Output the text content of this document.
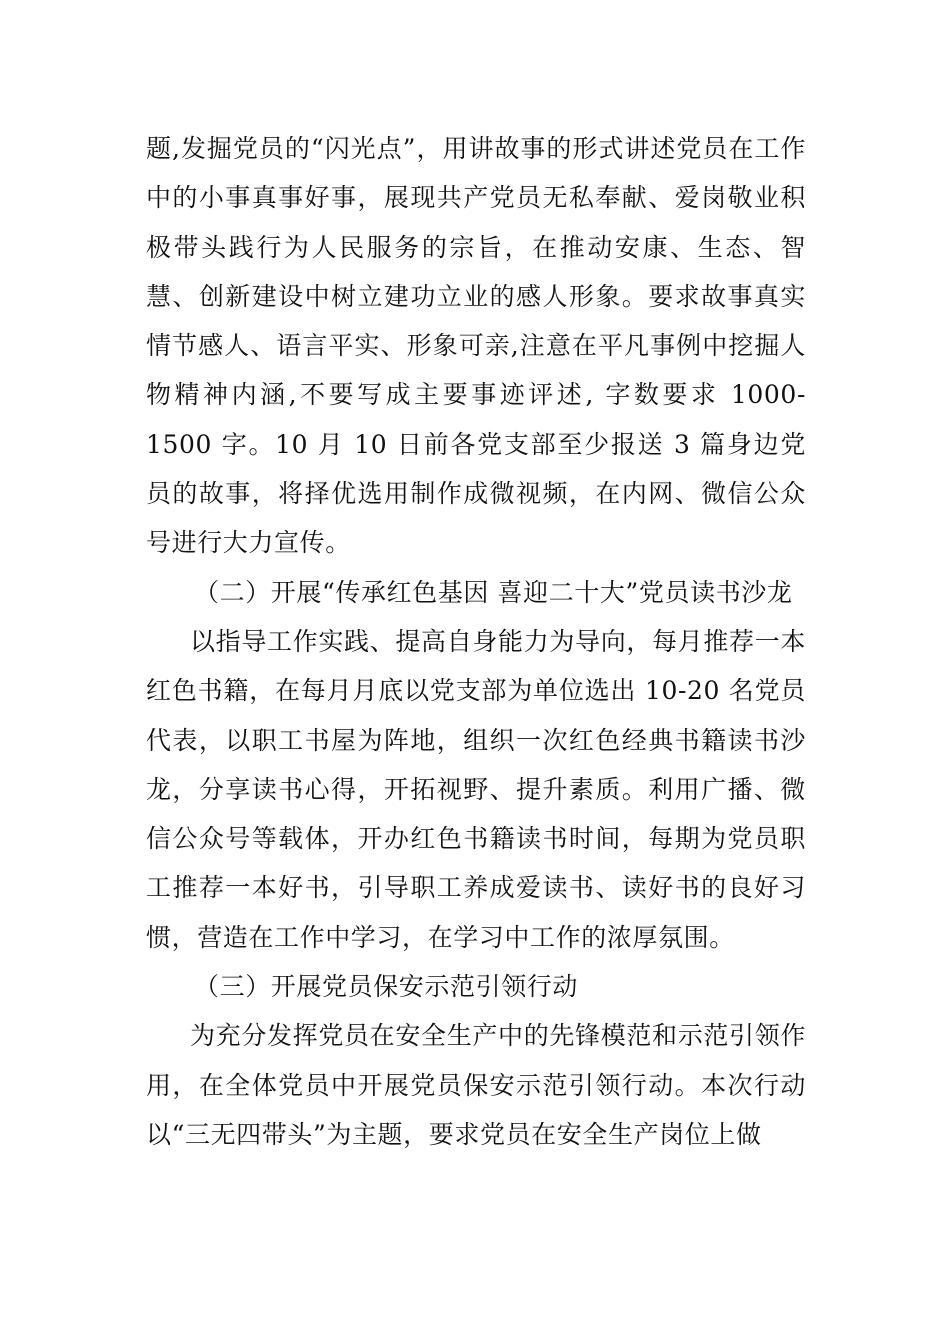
题,发掘党员的“闪光点”，用讲故事的形式讲述党员在工作中的小事真事好事，展现共产党员无私奉献、爱岗敬业积极带头践行为人民服务的宗旨，在推动安康、生态、智慧、创新建设中树立建功立业的感人形象。要求故事真实情节感人、语言平实、形象可亲,注意在平凡事例中挖掘人物精神内涵,不要写成主要事迹评述, 字数要求 1000-1500 字。10 月 10 日前各党支部至少报送 3 篇身边党员的故事，将择优选用制作成微视频，在内网、微信公众号进行大力宣传。

（二）开展“传承红色基因 喜迎二十大”党员读书沙龙

以指导工作实践、提高自身能力为导向，每月推荐一本红色书籍，在每月月底以党支部为单位选出 10-20 名党员代表，以职工书屋为阵地，组织一次红色经典书籍读书沙龙，分享读书心得，开拓视野、提升素质。利用广播、微信公众号等载体，开办红色书籍读书时间，每期为党员职工推荐一本好书，引导职工养成爱读书、读好书的良好习惯，营造在工作中学习，在学习中工作的浓厚氛围。

（三）开展党员保安示范引领行动

为充分发挥党员在安全生产中的先锋模范和示范引领作用，在全体党员中开展党员保安示范引领行动。本次行动以“三无四带头”为主题，要求党员在安全生产岗位上做
